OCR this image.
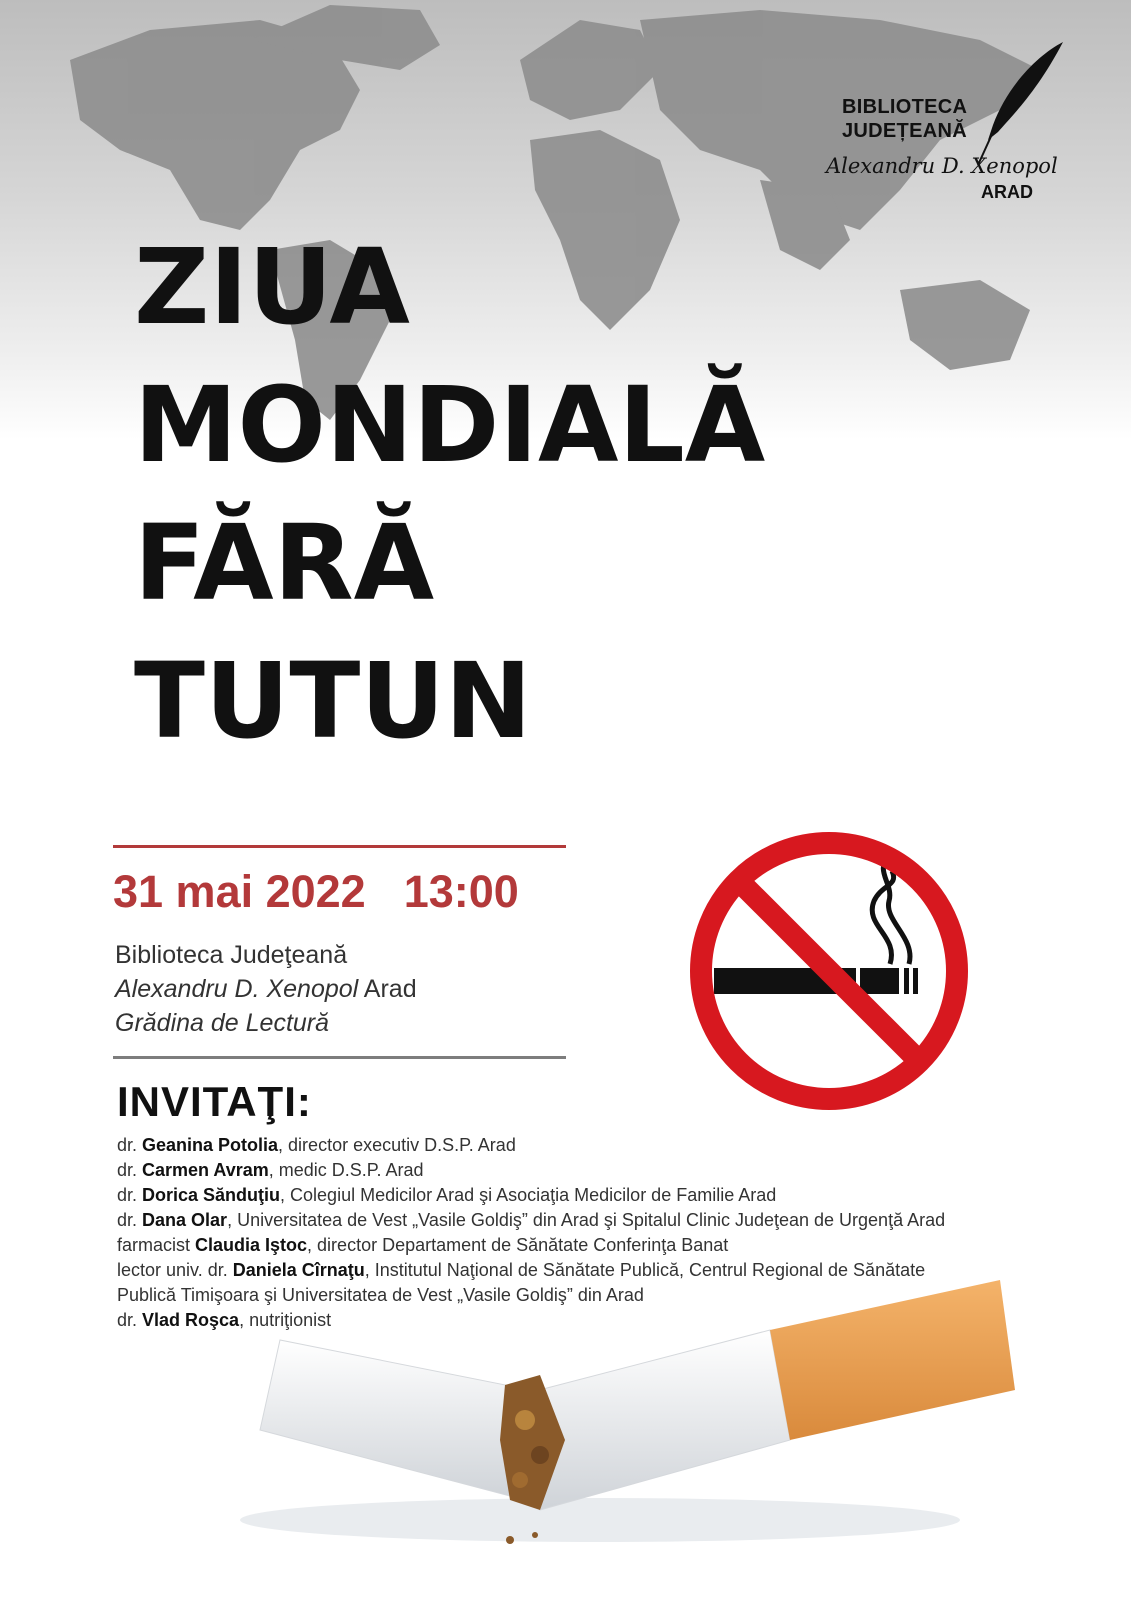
BIBLIOTECA
JUDEȚEANĂ
Alexandru D. Xenopol
ARAD
ZIUA
MONDIALĂ
FĂRĂ
TUTUN
31 mai 2022 13:00
Biblioteca Judeţeană
Alexandru D. Xenopol Arad
Grădina de Lectură
INVITAŢI:
dr. Geanina Potolia, director executiv D.S.P. Arad
dr. Carmen Avram, medic D.S.P. Arad
dr. Dorica Sănduţiu, Colegiul Medicilor Arad şi Asociaţia Medicilor de Familie Arad
dr. Dana Olar, Universitatea de Vest „Vasile Goldiş” din Arad şi Spitalul Clinic Judeţean de Urgenţă Arad
farmacist Claudia Iştoc, director Departament de Sănătate Conferinţa Banat
lector univ. dr. Daniela Cîrnaţu, Institutul Naţional de Sănătate Publică, Centrul Regional de Sănătate
Publică Timişoara şi Universitatea de Vest „Vasile Goldiş” din Arad
dr. Vlad Roşca, nutriţionist
